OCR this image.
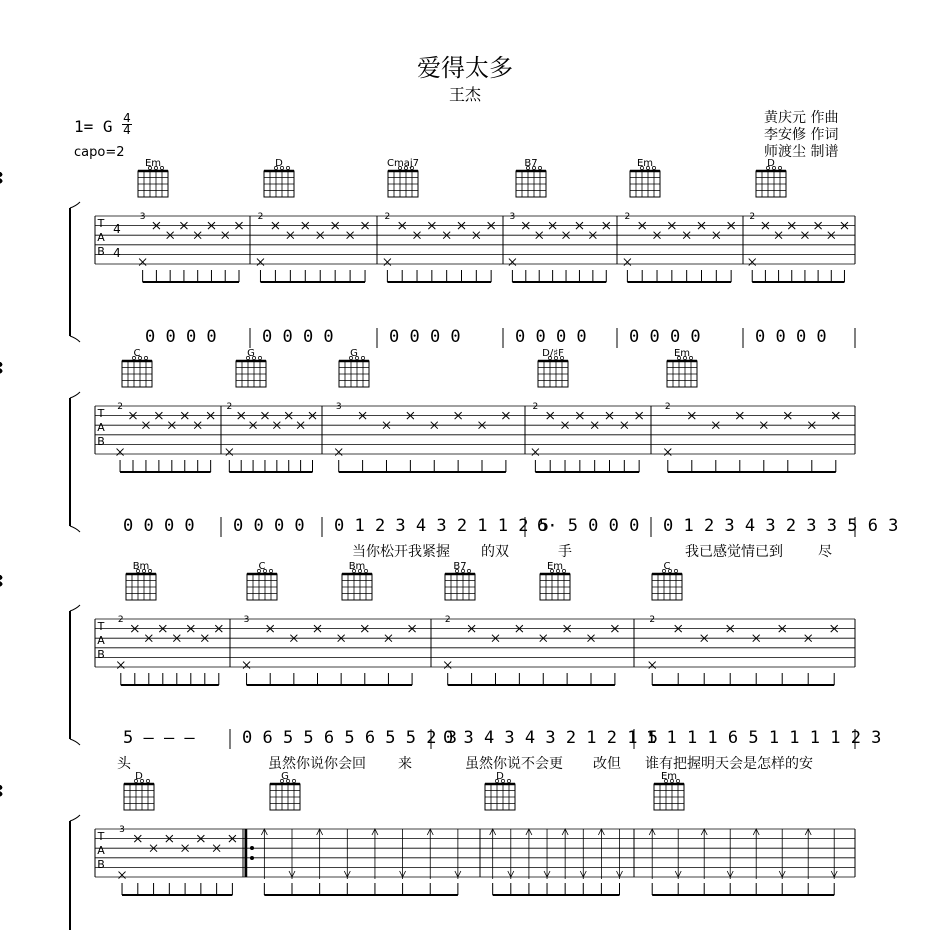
爱得太多
王杰
1= G 4
4
capo=2
黄庆元 作曲
李安修 作词
师渡尘 制谱
T
A
B
4
4
Em	D	Cmaj7	B7	Em	D
3	2	2	3	2	2
T
A
B
C	G	G	D/♯F	Em
2	2	3	2	2
T
A
B
Bm	C	Bm	B7	Em	C
2	3	2	2
T
A
B
D	G	D	Em
3
0 0 0 0	0 0 0 0	0 0 0 0	0 0 0 0 0 0 0 0	0 0 0 0
0 0 0 0 0 0 0 0 0 1 2 3 4 3 2 1 1 2 5
6· 5 0 0 0 0 1 2 3 4 3 2 3 3 5 6 3
当你松开我紧握 的双	手	我已感觉情已到	尽
5 – – –	0 6 5 5 6 5 6 5 5 2 3
0 3 4 3 4 3 2 1 2 1 5
1 1 1 1 6 5 1 1 1 1 2 3
头	虽然你说你会回 来	虽然你说不会更 改但 谁有把握明天会是怎样的安
